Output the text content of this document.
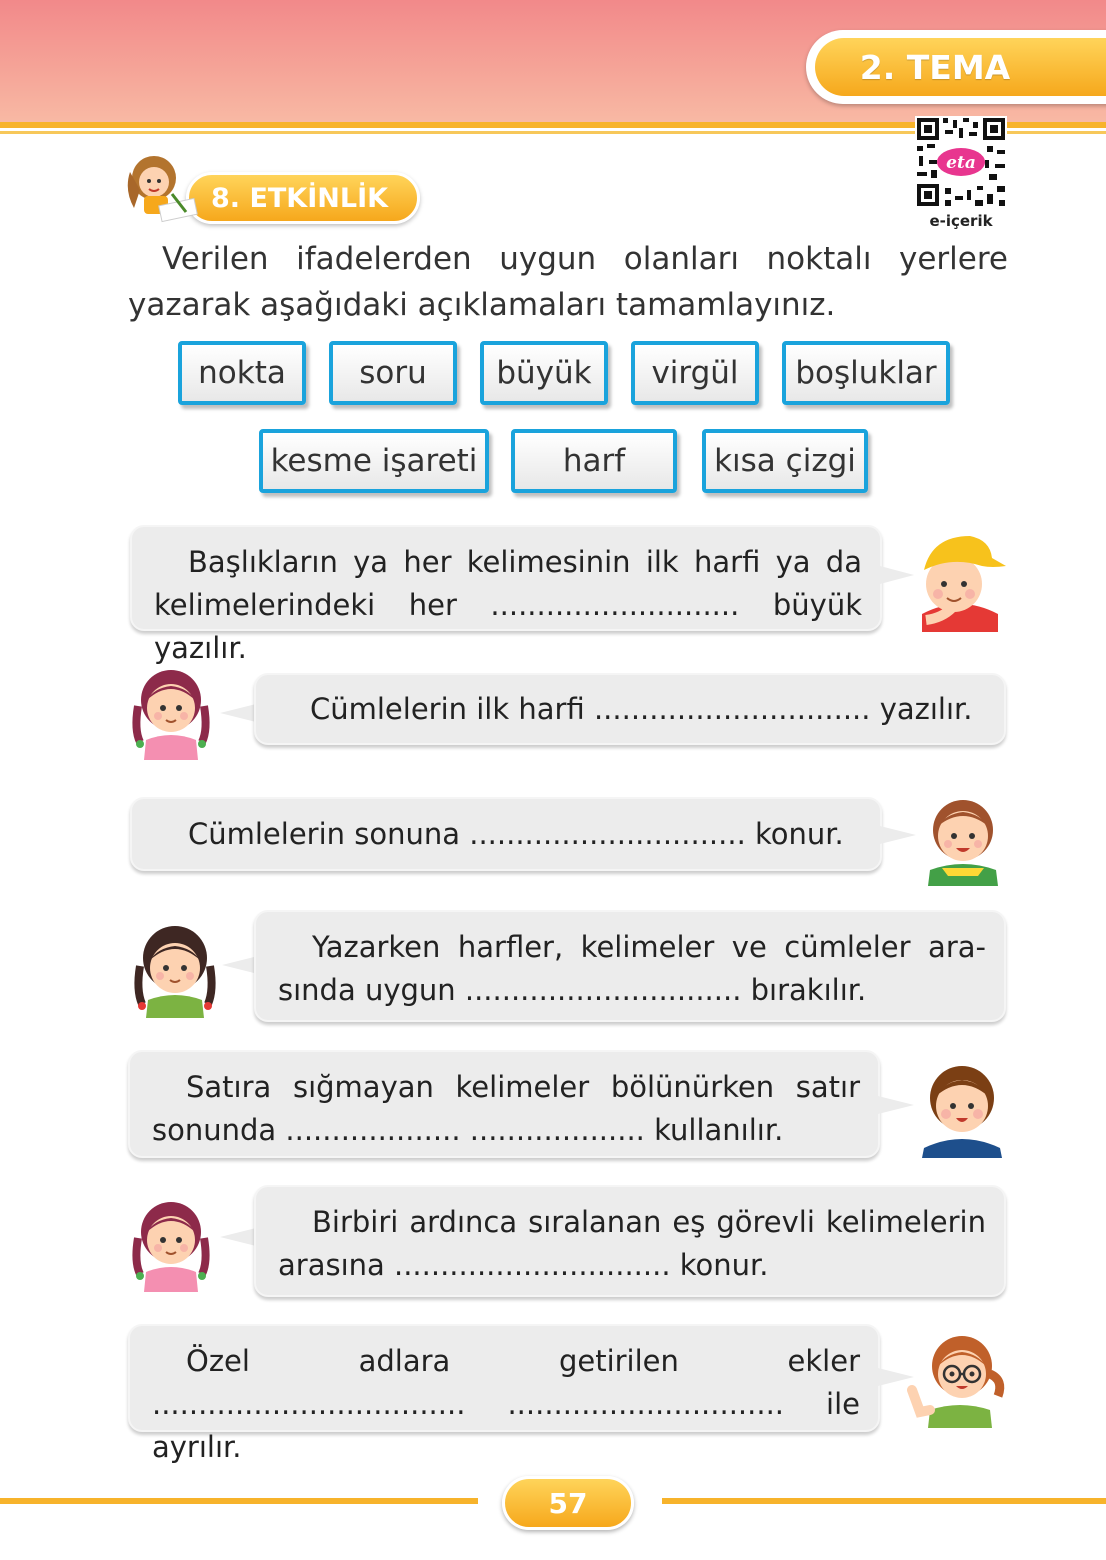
2. TEMA
eta
e-içerik
8. ETKİNLİK

Verilen ifadelerden uygun olanları noktalı yerlere yazarak aşağıdaki açıklamaları tamamlayınız.

nokta	soru	büyük	virgül	boşluklar
kesme işareti	harf	kısa çizgi

Başlıkların ya her kelimesinin ilk harfi ya da kelimelerindeki her ........................... büyük yazılır.

Cümlelerin ilk harfi .............................. yazılır.

Cümlelerin sonuna .............................. konur.

Yazarken harfler, kelimeler ve cümleler ara-sında uygun .............................. bırakılır.

Satıra sığmayan kelimeler bölünürken satır sonunda ................... ................... kullanılır.

Birbiri ardınca sıralanan eş görevli kelimelerin arasına .............................. konur.

Özel adlara getirilen ekler .................................. .............................. ile ayrılır.

57
